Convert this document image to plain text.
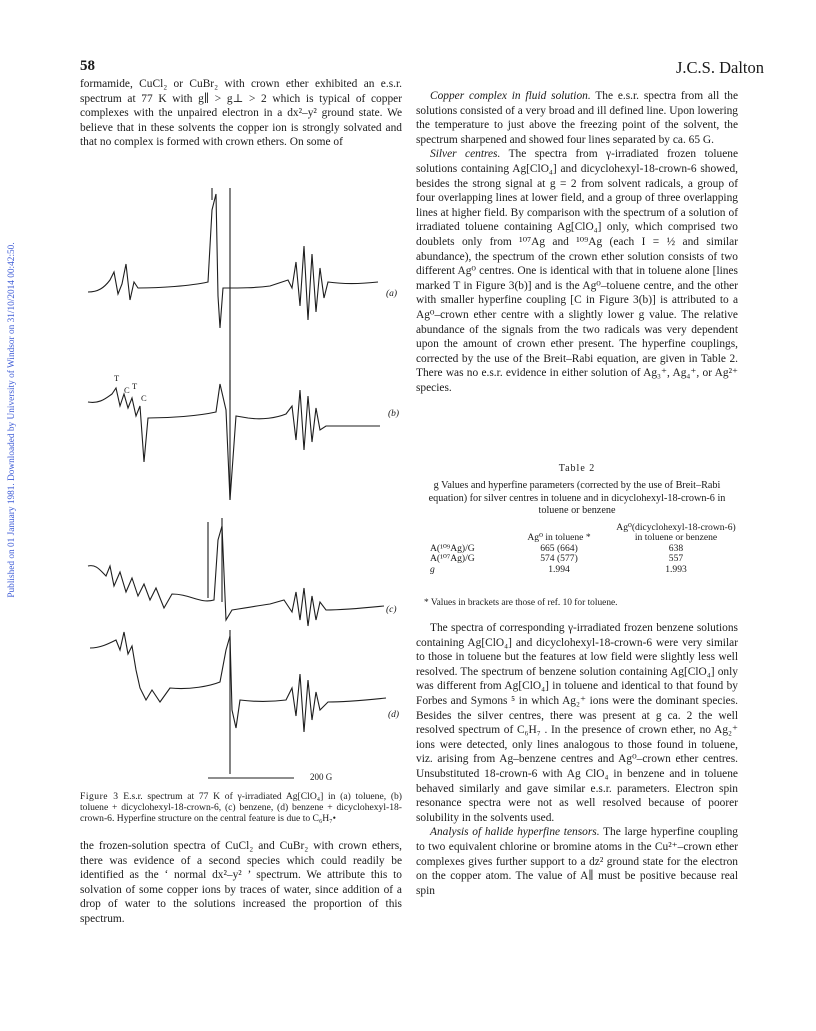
Published on 01 January 1981. Downloaded by University of Windsor on 31/10/2014 00:42:50.
58	J.C.S. Dalton

formamide, CuCl₂ or CuBr₂ with crown ether exhibited an e.s.r. spectrum at 77 K with g∥ > g⊥ > 2 which is typical of copper complexes with the unpaired electron in a dx²–y² ground state. We believe that in these solvents the copper ion is strongly solvated and that no complex is formed with crown ethers. On some of

(a)
(b)
(c)
(d)
T
C T
C
200 G
Figure 3 E.s.r. spectrum at 77 K of γ-irradiated Ag[ClO₄] in (a) toluene, (b) toluene + dicyclohexyl-18-crown-6, (c) benzene, (d) benzene + dicyclohexyl-18-crown-6. Hyperfine structure on the central feature is due to C₆H₇•

the frozen-solution spectra of CuCl₂ and CuBr₂ with crown ethers, there was evidence of a second species which could readily be identified as the ‘ normal dx²–y² ’ spectrum. We attribute this to solvation of some copper ions by traces of water, since addition of a drop of water to the solutions increased the proportion of this spectrum.

Copper complex in fluid solution. The e.s.r. spectra from all the solutions consisted of a very broad and ill defined line. Upon lowering the temperature to just above the freezing point of the solvent, the spectrum sharpened and showed four lines separated by ca. 65 G.

Silver centres. The spectra from γ-irradiated frozen toluene solutions containing Ag[ClO₄] and dicyclohexyl-18-crown-6 showed, besides the strong signal at g = 2 from solvent radicals, a group of four overlapping lines at lower field, and a group of three overlapping lines at higher field. By comparison with the spectrum of a solution of irradiated toluene containing Ag[ClO₄] only, which comprised two doublets only from ¹⁰⁷Ag and ¹⁰⁹Ag (each I = ½ and similar abundance), the spectrum of the crown ether solution consists of two different Ag⁰ centres. One is identical with that in toluene alone [lines marked T in Figure 3(b)] and is the Ag⁰–toluene centre, and the other with smaller hyperfine coupling [C in Figure 3(b)] is attributed to a Ag⁰–crown ether centre with a slightly lower g value. The relative abundance of the signals from the two radicals was very dependent upon the amount of crown ether present. The hyperfine couplings, corrected by the use of the Breit–Rabi equation, are given in Table 2. There was no e.s.r. evidence in either solution of Ag₃⁺, Ag₄⁺, or Ag²⁺ species.

Table 2
g Values and hyperfine parameters (corrected by the use of Breit–Rabi equation) for silver centres in toluene and in dicyclohexyl-18-crown-6 in toluene or benzene
	Ag⁰ in toluene *	Ag⁰(dicyclohexyl-18-crown-6) in toluene or benzene
A(¹⁰⁹Ag)/G	665 (664)	638
A(¹⁰⁷Ag)/G	574 (577)	557
g	1.994	1.993
* Values in brackets are those of ref. 10 for toluene.

The spectra of corresponding γ-irradiated frozen benzene solutions containing Ag[ClO₄] and dicyclohexyl-18-crown-6 were very similar to those in toluene but the features at low field were slightly less well resolved. The spectrum of benzene solution containing Ag[ClO₄] only was different from Ag[ClO₄] in toluene and identical to that found by Forbes and Symons ⁵ in which Ag₂⁺ ions were the dominant species. Besides the silver centres, there was present at g ca. 2 the well resolved spectrum of C₆H₇ . In the presence of crown ether, no Ag₂⁺ ions were detected, only lines analogous to those found in toluene, viz. arising from Ag–benzene centres and Ag⁰–crown ether centres. Unsubstituted 18-crown-6 with Ag ClO₄ in benzene and in toluene behaved similarly and gave similar e.s.r. parameters. Electron spin resonance spectra were not as well resolved because of poorer solubility in the solvents used.

Analysis of halide hyperfine tensors. The large hyperfine coupling to two equivalent chlorine or bromine atoms in the Cu²⁺–crown ether complexes gives further support to a dz² ground state for the electron on the copper atom. The value of A∥ must be positive because real spin
